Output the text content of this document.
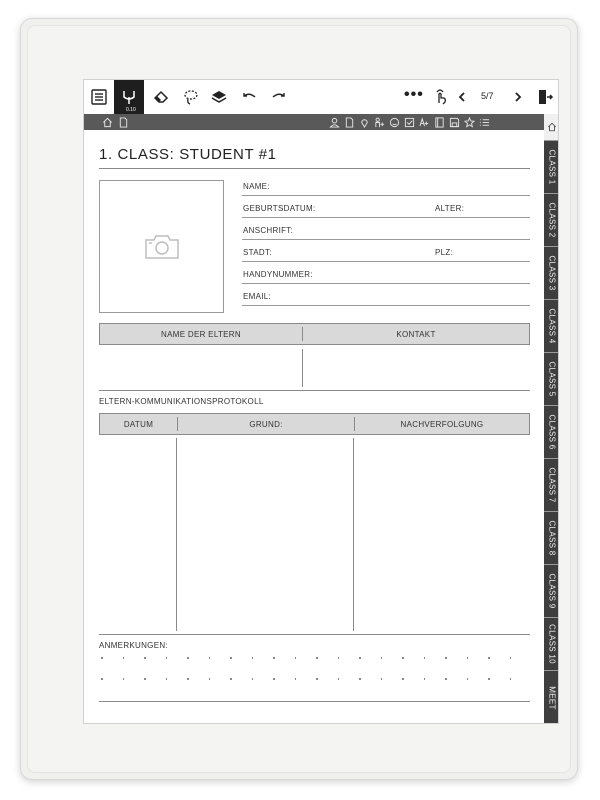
0.10
•••	5/7
CLASS 1
CLASS 2
CLASS 3
CLASS 4
CLASS 5
CLASS 6
CLASS 7
CLASS 8
CLASS 9
CLASS 10
MEET
1. CLASS: STUDENT #1
NAME:
GEBURTSDATUM:	ALTER:
ANSCHRIFT:
STADT:	PLZ:
HANDYNUMMER:
EMAIL:
NAME DER ELTERN	KONTAKT
ELTERN-KOMMUNIKATIONSPROTOKOLL
DATUM	GRUND:	NACHVERFOLGUNG
ANMERKUNGEN:
